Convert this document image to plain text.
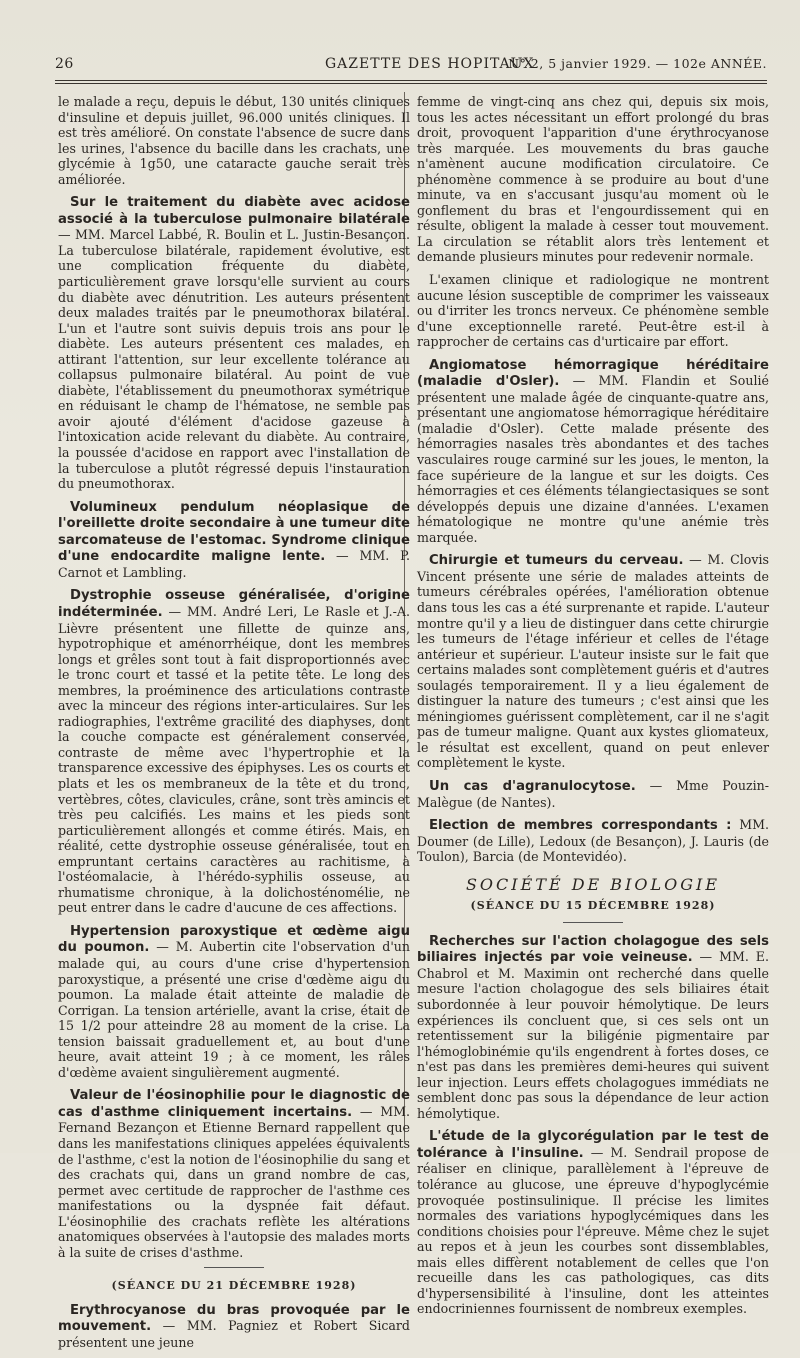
26	GAZETTE DES HOPITAUX
N° 2, 5 janvier 1929. — 102e ANNÉE.

le malade a reçu, depuis le début, 130 unités cliniques d'insuline et depuis juillet, 96.000 unités cliniques. Il est très amélioré. On constate l'absence de sucre dans les urines, l'absence du bacille dans les crachats, une glycémie à 1g50, une cataracte gauche serait très améliorée.

Sur le traitement du diabète avec acidose associé à la tuberculose pulmonaire bilatérale — MM. Marcel Labbé, R. Boulin et L. Justin-Besançon. La tuberculose bilatérale, rapidement évolutive, est une complication fréquente du diabète, particulièrement grave lorsqu'elle survient au cours du diabète avec dénutrition. Les auteurs présentent deux malades traités par le pneumothorax bilatéral. L'un et l'autre sont suivis depuis trois ans pour le diabète. Les auteurs présentent ces malades, en attirant l'attention, sur leur excellente tolérance au collapsus pulmonaire bilatéral. Au point de vue diabète, l'établissement du pneumothorax symétrique en réduisant le champ de l'hématose, ne semble pas avoir ajouté d'élément d'acidose gazeuse à l'intoxication acide relevant du diabète. Au contraire, la poussée d'acidose en rapport avec l'installation de la tuberculose a plutôt régressé depuis l'instauration du pneumothorax.

Volumineux pendulum néoplasique de l'oreillette droite secondaire à une tumeur dite sarcomateuse de l'estomac. Syndrome clinique d'une endocardite maligne lente. — MM. P. Carnot et Lambling.

Dystrophie osseuse généralisée, d'origine indéterminée. — MM. André Leri, Le Rasle et J.-A. Lièvre présentent une fillette de quinze ans, hypotrophique et aménorrhéique, dont les membres longs et grêles sont tout à fait disproportionnés avec le tronc court et tassé et la petite tête. Le long des membres, la proéminence des articulations contraste avec la minceur des régions inter-articulaires. Sur les radiographies, l'extrême gracilité des diaphyses, dont la couche compacte est généralement conservée, contraste de même avec l'hypertrophie et la transparence excessive des épiphyses. Les os courts et plats et les os membraneux de la tête et du tronc, vertèbres, côtes, clavicules, crâne, sont très amincis et très peu calcifiés. Les mains et les pieds sont particulièrement allongés et comme étirés. Mais, en réalité, cette dystrophie osseuse généralisée, tout en empruntant certains caractères au rachitisme, à l'ostéomalacie, à l'hérédo-syphilis osseuse, au rhumatisme chronique, à la dolichosténomélie, ne peut entrer dans le cadre d'aucune de ces affections.

Hypertension paroxystique et œdème aigu du poumon. — M. Aubertin cite l'observation d'un malade qui, au cours d'une crise d'hypertension paroxystique, a présenté une crise d'œdème aigu du poumon. La malade était atteinte de maladie de Corrigan. La tension artérielle, avant la crise, était de 15 1/2 pour atteindre 28 au moment de la crise. La tension baissait graduellement et, au bout d'une heure, avait atteint 19 ; à ce moment, les râles d'œdème avaient singulièrement augmenté.

Valeur de l'éosinophilie pour le diagnostic de cas d'asthme cliniquement incertains. — MM. Fernand Bezançon et Etienne Bernard rappellent que dans les manifestations cliniques appelées équivalents de l'asthme, c'est la notion de l'éosinophilie du sang et des crachats qui, dans un grand nombre de cas, permet avec certitude de rapprocher de l'asthme ces manifestations ou la dyspnée fait défaut. L'éosinophilie des crachats reflète les altérations anatomiques observées à l'autopsie des malades morts à la suite de crises d'asthme.

(SÉANCE DU 21 DÉCEMBRE 1928)

Erythrocyanose du bras provoquée par le mouvement. — MM. Pagniez et Robert Sicard présentent une jeune

femme de vingt-cinq ans chez qui, depuis six mois, tous les actes nécessitant un effort prolongé du bras droit, provoquent l'apparition d'une érythrocyanose très marquée. Les mouvements du bras gauche n'amènent aucune modification circulatoire. Ce phénomène commence à se produire au bout d'une minute, va en s'accusant jusqu'au moment où le gonflement du bras et l'engourdissement qui en résulte, obligent la malade à cesser tout mouvement. La circulation se rétablit alors très lentement et demande plusieurs minutes pour redevenir normale.

L'examen clinique et radiologique ne montrent aucune lésion susceptible de comprimer les vaisseaux ou d'irriter les troncs nerveux. Ce phénomène semble d'une exceptionnelle rareté. Peut-être est-il à rapprocher de certains cas d'urticaire par effort.

Angiomatose hémorragique héréditaire (maladie d'Osler). — MM. Flandin et Soulié présentent une malade âgée de cinquante-quatre ans, présentant une angiomatose hémorragique héréditaire (maladie d'Osler). Cette malade présente des hémorragies nasales très abondantes et des taches vasculaires rouge carminé sur les joues, le menton, la face supérieure de la langue et sur les doigts. Ces hémorragies et ces éléments télangiectasiques se sont développés depuis une dizaine d'années. L'examen hématologique ne montre qu'une anémie très marquée.

Chirurgie et tumeurs du cerveau. — M. Clovis Vincent présente une série de malades atteints de tumeurs cérébrales opérées, l'amélioration obtenue dans tous les cas a été surprenante et rapide. L'auteur montre qu'il y a lieu de distinguer dans cette chirurgie les tumeurs de l'étage inférieur et celles de l'étage antérieur et supérieur. L'auteur insiste sur le fait que certains malades sont complètement guéris et d'autres soulagés temporairement. Il y a lieu également de distinguer la nature des tumeurs ; c'est ainsi que les méningiomes guérissent complètement, car il ne s'agit pas de tumeur maligne. Quant aux kystes gliomateux, le résultat est excellent, quand on peut enlever complètement le kyste.

Un cas d'agranulocytose. — Mme Pouzin-Malègue (de Nantes).

Election de membres correspondants : MM. Doumer (de Lille), Ledoux (de Besançon), J. Lauris (de Toulon), Barcia (de Montevidéo).

SOCIÉTÉ DE BIOLOGIE
(SÉANCE DU 15 DÉCEMBRE 1928)

Recherches sur l'action cholagogue des sels biliaires injectés par voie veineuse. — MM. E. Chabrol et M. Maximin ont recherché dans quelle mesure l'action cholagogue des sels biliaires était subordonnée à leur pouvoir hémolytique. De leurs expériences ils concluent que, si ces sels ont un retentissement sur la biligénie pigmentaire par l'hémoglobinémie qu'ils engendrent à fortes doses, ce n'est pas dans les premières demi-heures qui suivent leur injection. Leurs effets cholagogues immédiats ne semblent donc pas sous la dépendance de leur action hémolytique.

L'étude de la glycorégulation par le test de tolérance à l'insuline. — M. Sendrail propose de réaliser en clinique, parallèlement à l'épreuve de tolérance au glucose, une épreuve d'hypoglycémie provoquée postinsulinique. Il précise les limites normales des variations hypoglycémiques dans les conditions choisies pour l'épreuve. Même chez le sujet au repos et à jeun les courbes sont dissemblables, mais elles diffèrent notablement de celles que l'on recueille dans les cas pathologiques, cas dits d'hypersensibilité à l'insuline, dont les atteintes endocriniennes fournissent de nombreux exemples.
